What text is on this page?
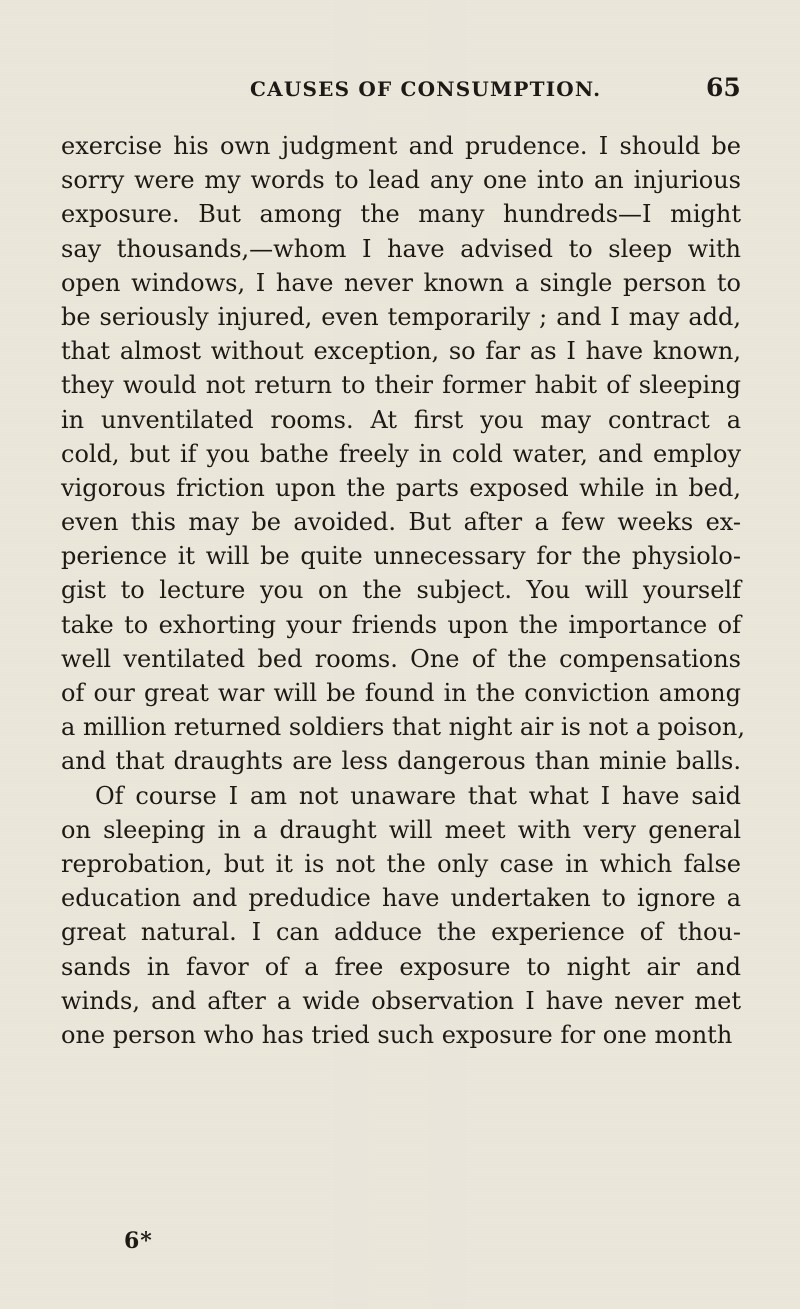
CAUSES OF CONSUMPTION.	65
exercise his own judgment and prudence. I should be
sorry were my words to lead any one into an injurious
exposure. But among the many hundreds—I might
say thousands,—whom I have advised to sleep with
open windows, I have never known a single person to
be seriously injured, even temporarily ; and I may add,
that almost without exception, so far as I have known,
they would not return to their former habit of sleeping
in unventilated rooms. At first you may contract a
cold, but if you bathe freely in cold water, and employ
vigorous friction upon the parts exposed while in bed,
even this may be avoided. But after a few weeks ex-
perience it will be quite unnecessary for the physiolo-
gist to lecture you on the subject. You will yourself
take to exhorting your friends upon the importance of
well ventilated bed rooms. One of the compensations
of our great war will be found in the conviction among
a million returned soldiers that night air is not a poison,
and that draughts are less dangerous than minie balls.
Of course I am not unaware that what I have said
on sleeping in a draught will meet with very general
reprobation, but it is not the only case in which false
education and predudice have undertaken to ignore a
great natural. I can adduce the experience of thou-
sands in favor of a free exposure to night air and
winds, and after a wide observation I have never met
one person who has tried such exposure for one month
6*
